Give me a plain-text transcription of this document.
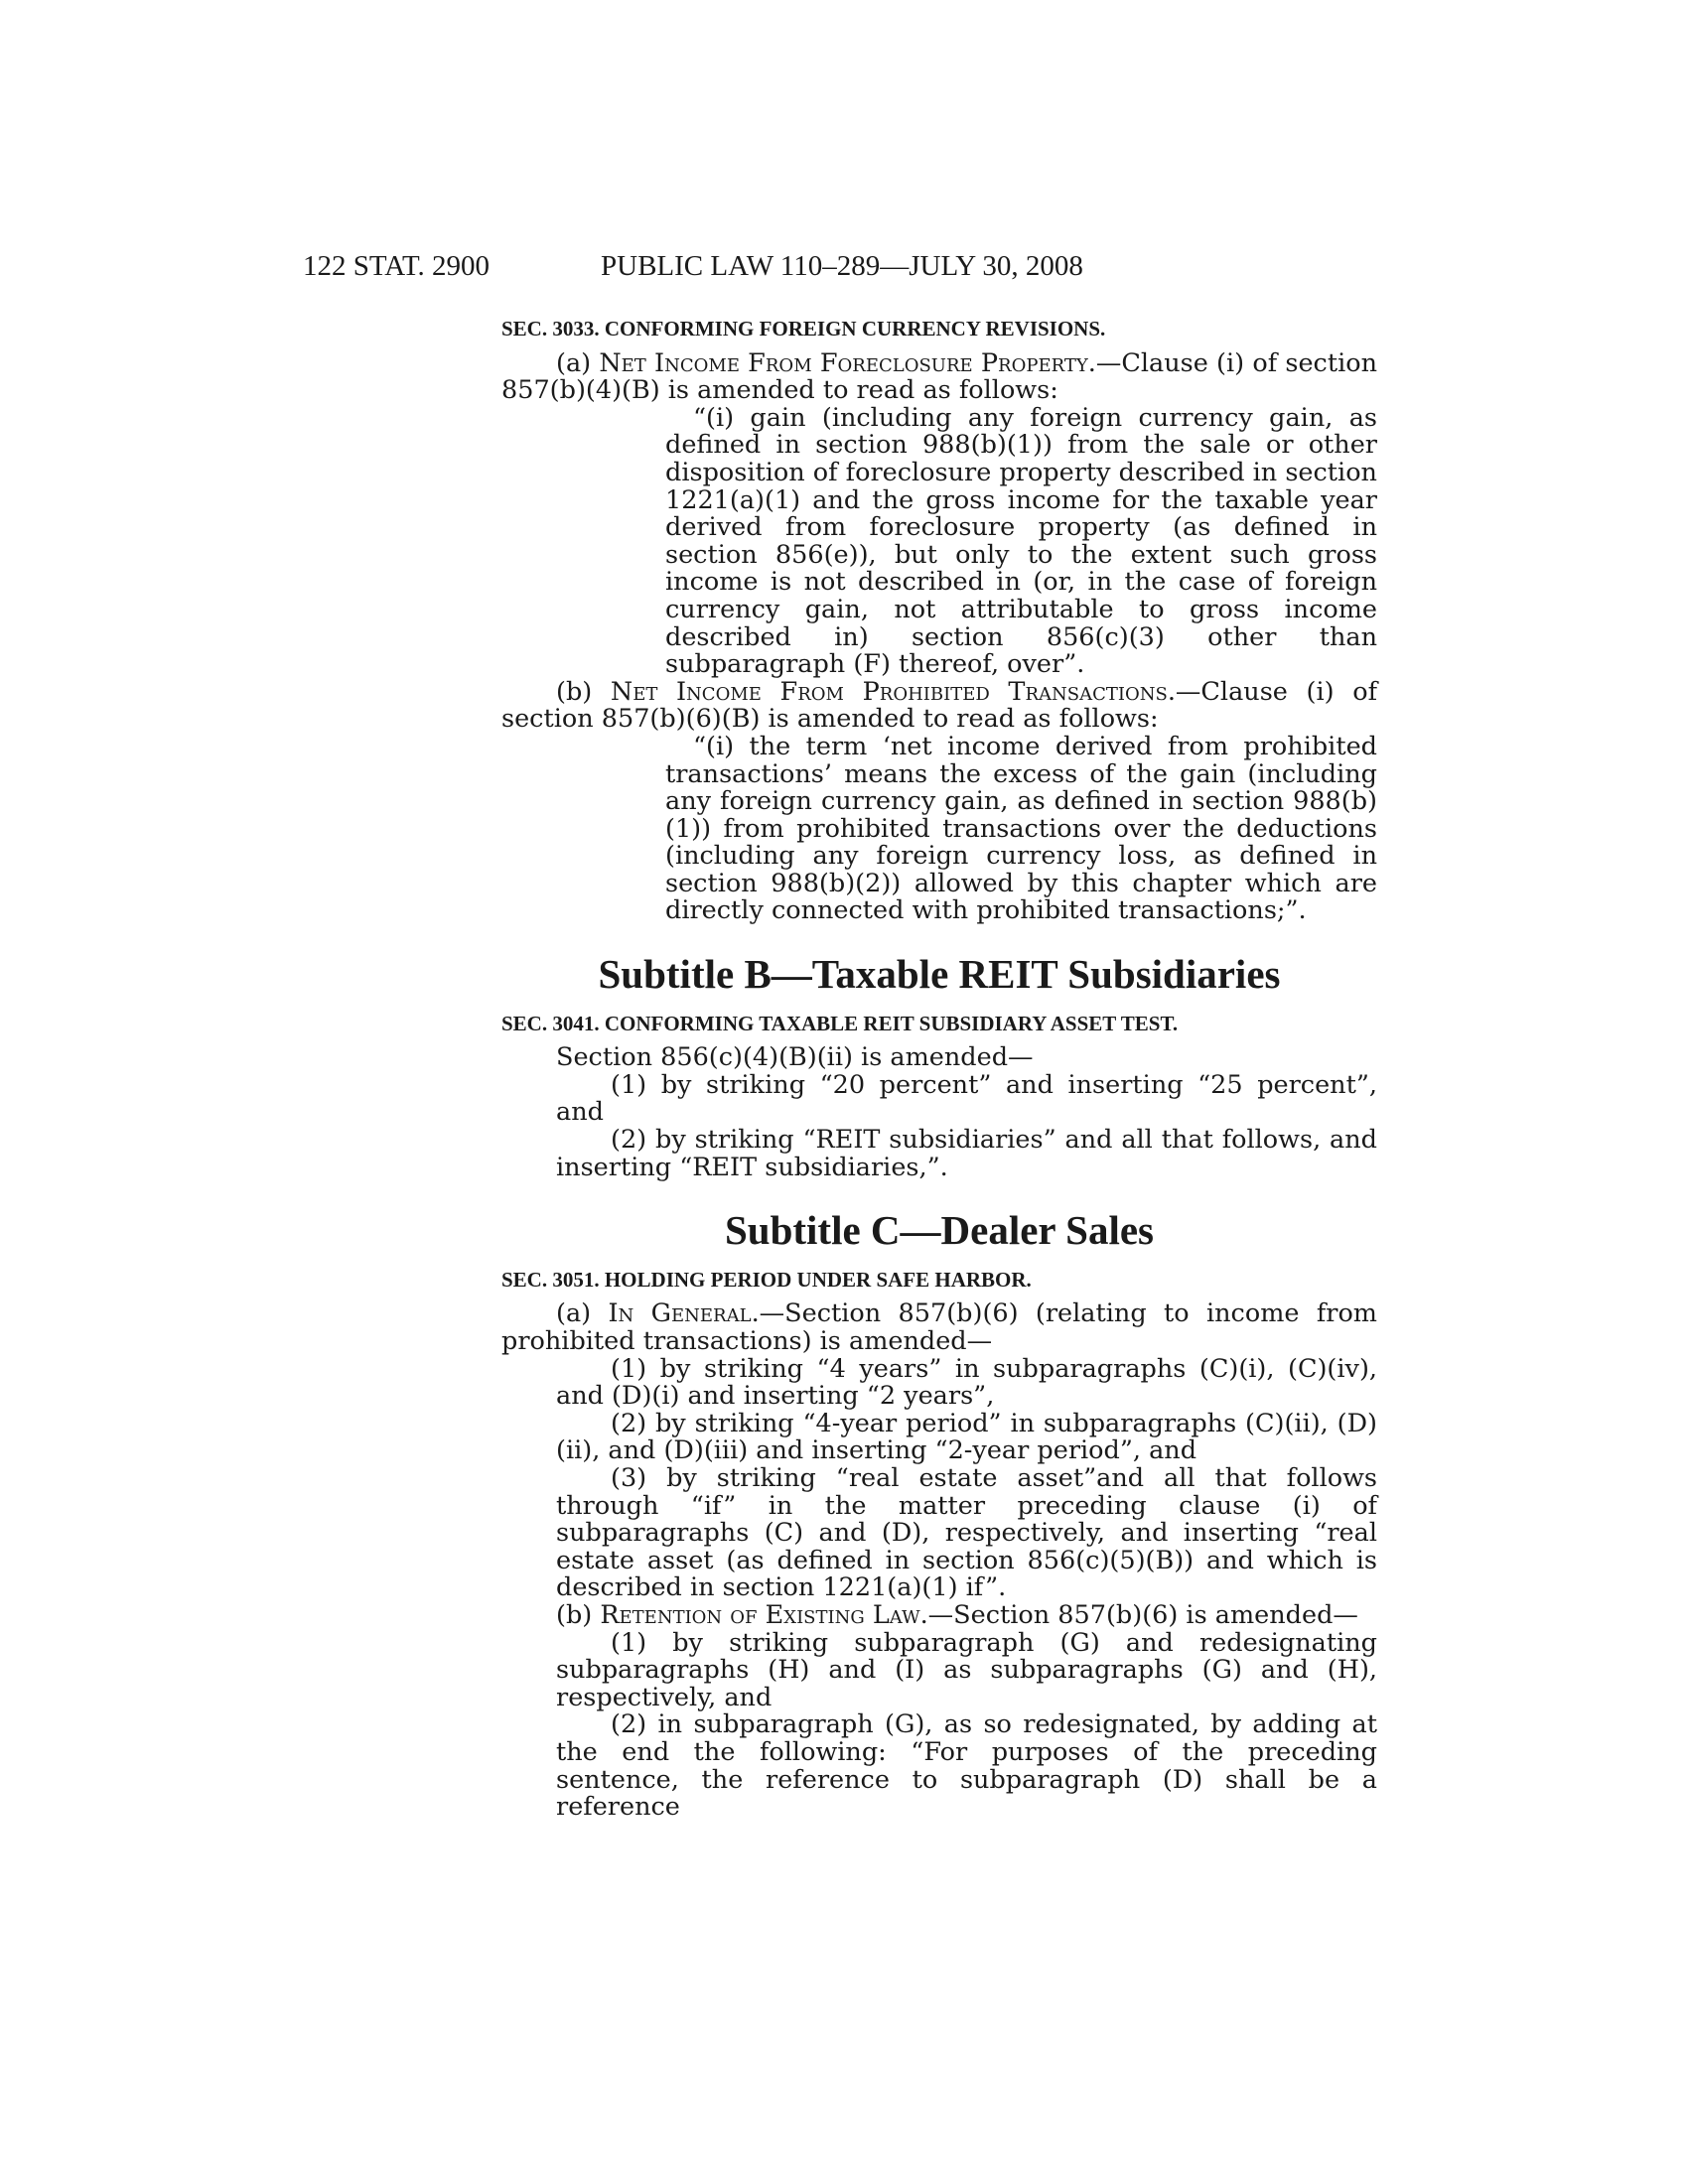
122 STAT. 2900	PUBLIC LAW 110–289—JULY 30, 2008
SEC. 3033. CONFORMING FOREIGN CURRENCY REVISIONS.

(a) Net Income From Foreclosure Property.—Clause (i) of section 857(b)(4)(B) is amended to read as follows:

“(i) gain (including any foreign currency gain, as defined in section 988(b)(1)) from the sale or other disposition of foreclosure property described in section 1221(a)(1) and the gross income for the taxable year derived from foreclosure property (as defined in section 856(e)), but only to the extent such gross income is not described in (or, in the case of foreign currency gain, not attributable to gross income described in) section 856(c)(3) other than subparagraph (F) thereof, over”.

(b) Net Income From Prohibited Transactions.—Clause (i) of section 857(b)(6)(B) is amended to read as follows:

“(i) the term ‘net income derived from prohibited transactions’ means the excess of the gain (including any foreign currency gain, as defined in section 988(b)(1)) from prohibited transactions over the deductions (including any foreign currency loss, as defined in section 988(b)(2)) allowed by this chapter which are directly connected with prohibited transactions;”.

Subtitle B—Taxable REIT Subsidiaries
SEC. 3041. CONFORMING TAXABLE REIT SUBSIDIARY ASSET TEST.

Section 856(c)(4)(B)(ii) is amended—

(1) by striking “20 percent” and inserting “25 percent”, and

(2) by striking “REIT subsidiaries” and all that follows, and inserting “REIT subsidiaries,”.

Subtitle C—Dealer Sales
SEC. 3051. HOLDING PERIOD UNDER SAFE HARBOR.

(a) In General.—Section 857(b)(6) (relating to income from prohibited transactions) is amended—

(1) by striking “4 years” in subparagraphs (C)(i), (C)(iv), and (D)(i) and inserting “2 years”,

(2) by striking “4-year period” in subparagraphs (C)(ii), (D)(ii), and (D)(iii) and inserting “2-year period”, and

(3) by striking “real estate asset”and all that follows through “if” in the matter preceding clause (i) of subparagraphs (C) and (D), respectively, and inserting “real estate asset (as defined in section 856(c)(5)(B)) and which is described in section 1221(a)(1) if”.

(b) Retention of Existing Law.—Section 857(b)(6) is amended—

(1) by striking subparagraph (G) and redesignating subparagraphs (H) and (I) as subparagraphs (G) and (H), respectively, and

(2) in subparagraph (G), as so redesignated, by adding at the end the following: “For purposes of the preceding sentence, the reference to subparagraph (D) shall be a reference
